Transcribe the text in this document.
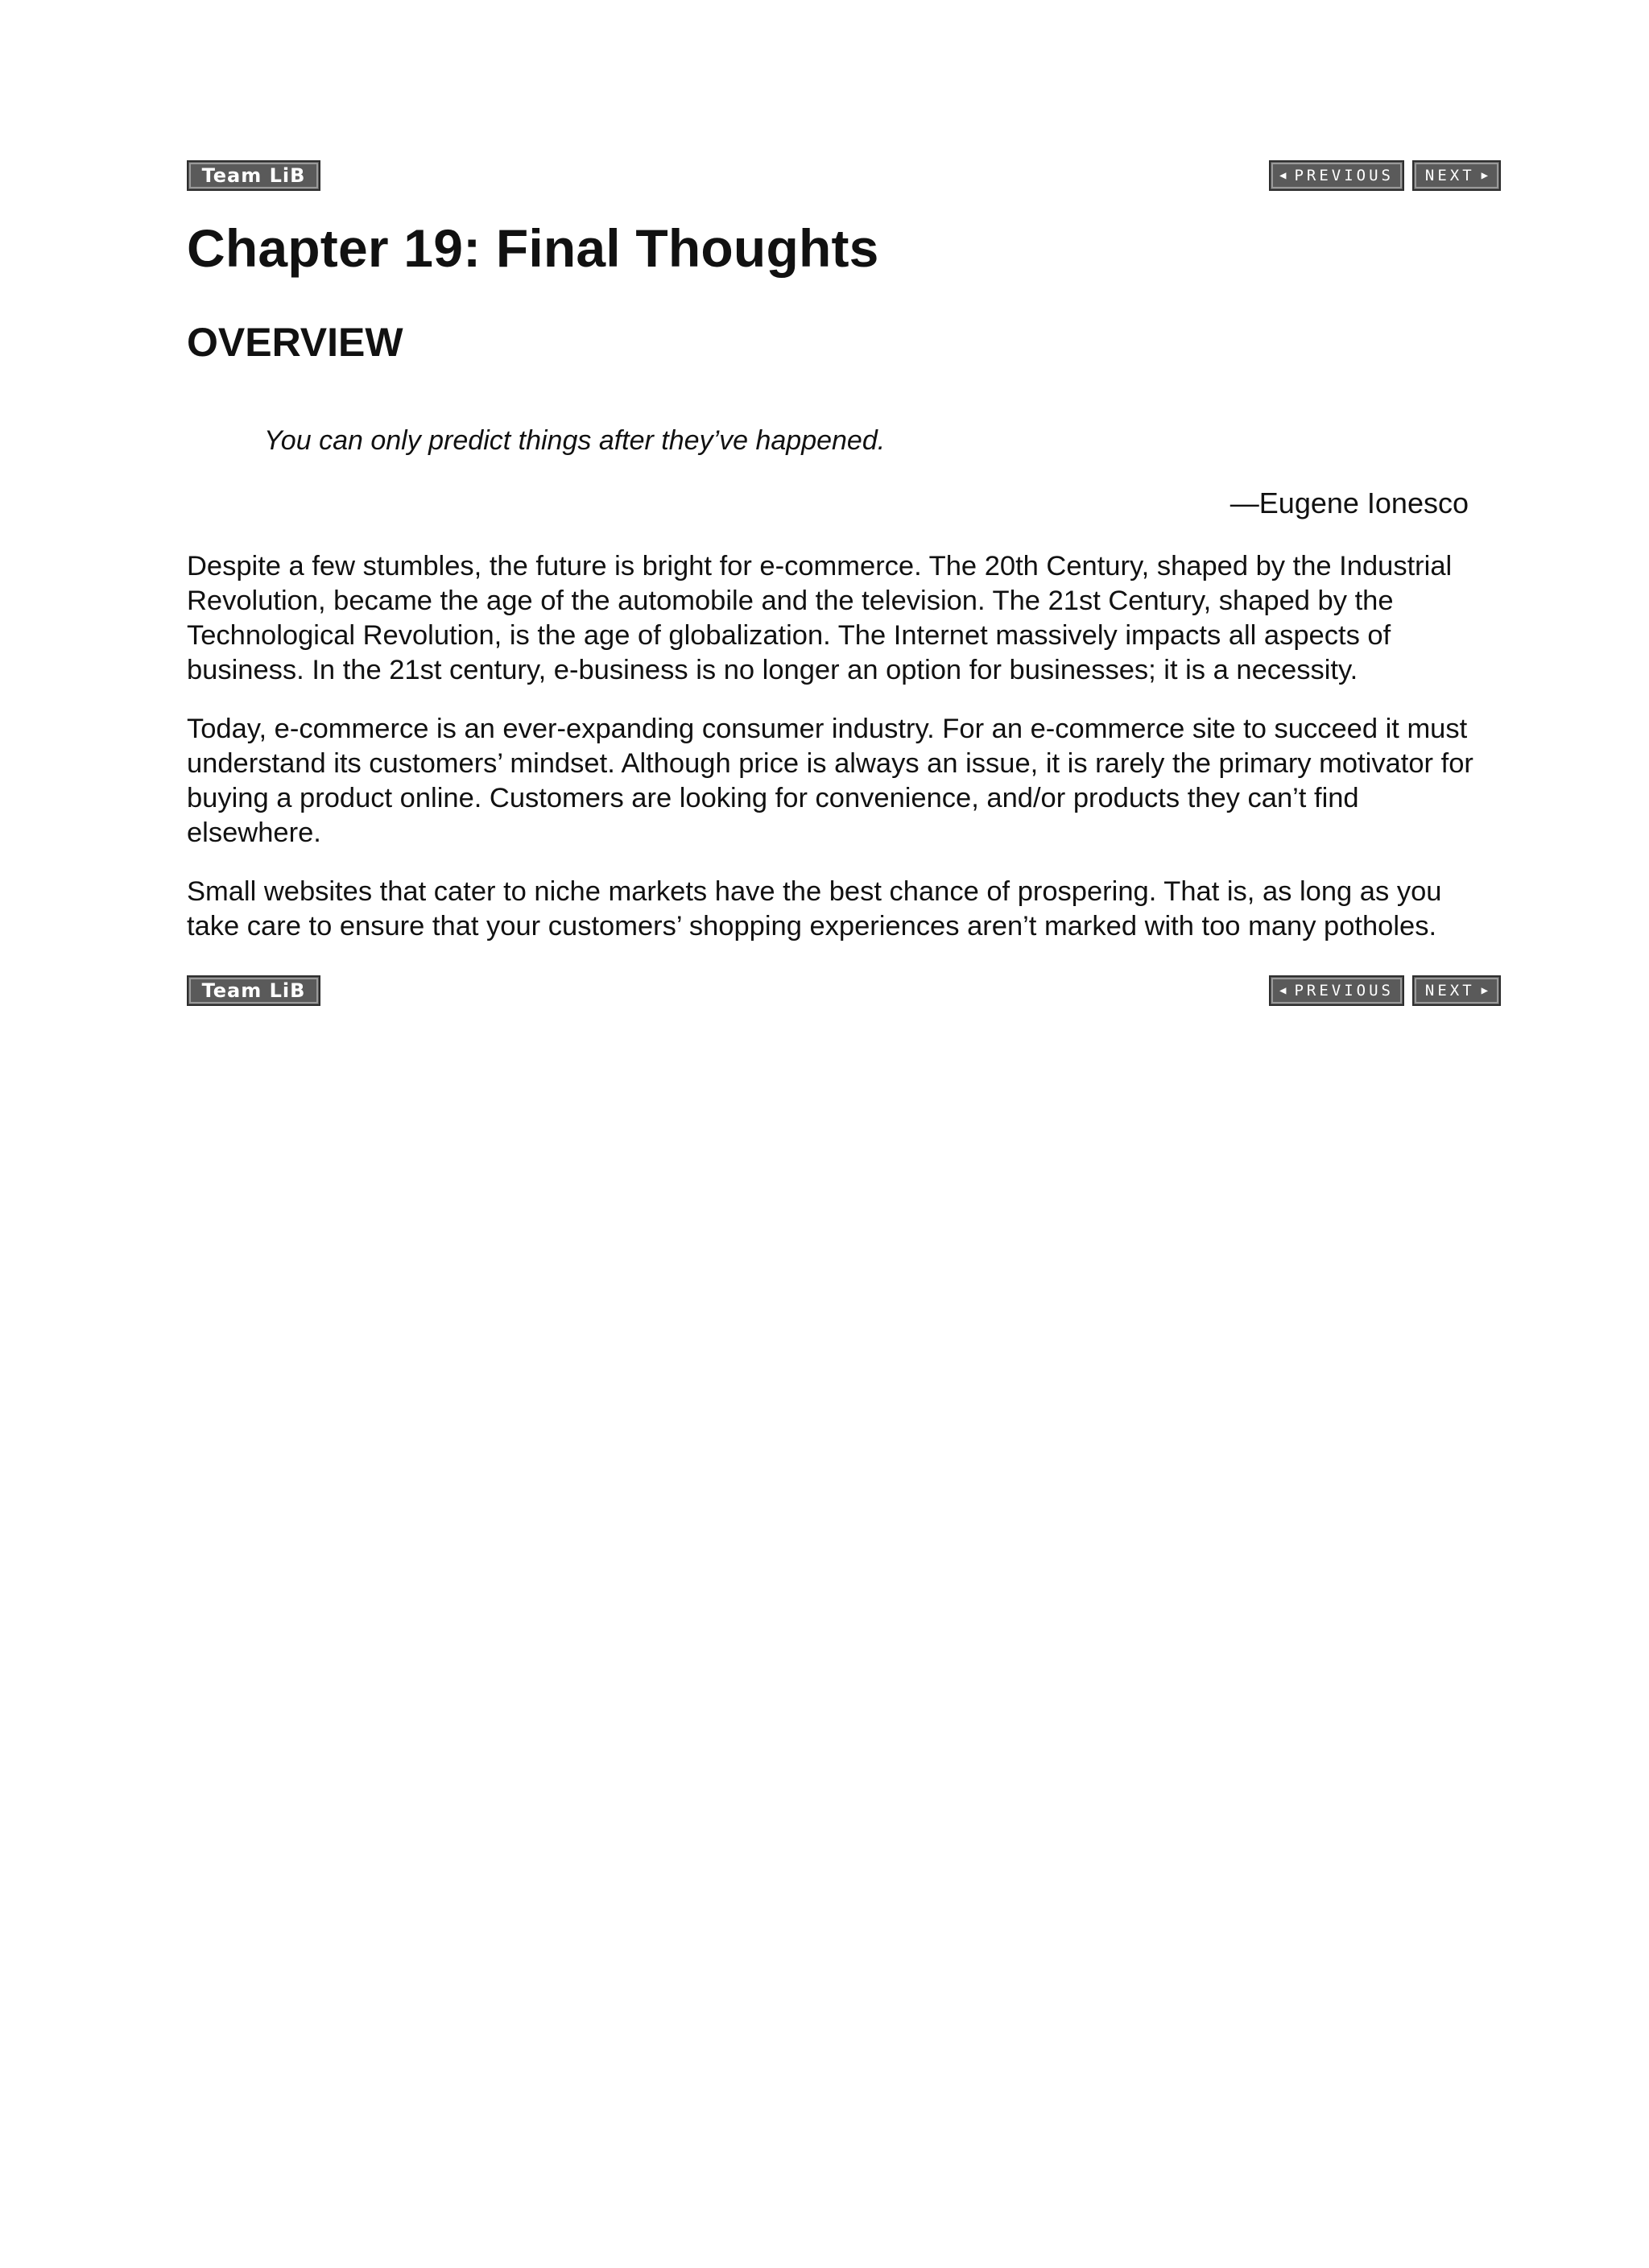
Team LiB	◀ PREVIOUS NEXT ▶
Chapter 19: Final Thoughts
OVERVIEW
You can only predict things after they’ve happened.
—Eugene Ionesco

Despite a few stumbles, the future is bright for e-commerce. The 20th Century, shaped by the Industrial Revolution, became the age of the automobile and the television. The 21st Century, shaped by the Technological Revolution, is the age of globalization. The Internet massively impacts all aspects of business. In the 21st century, e-business is no longer an option for businesses; it is a necessity.

Today, e-commerce is an ever-expanding consumer industry. For an e-commerce site to succeed it must understand its customers’ mindset. Although price is always an issue, it is rarely the primary motivator for buying a product online. Customers are looking for convenience, and/or products they can’t find elsewhere.

Small websites that cater to niche markets have the best chance of prospering. That is, as long as you take care to ensure that your customers’ shopping experiences aren’t marked with too many potholes.

Team LiB	◀ PREVIOUS NEXT ▶
